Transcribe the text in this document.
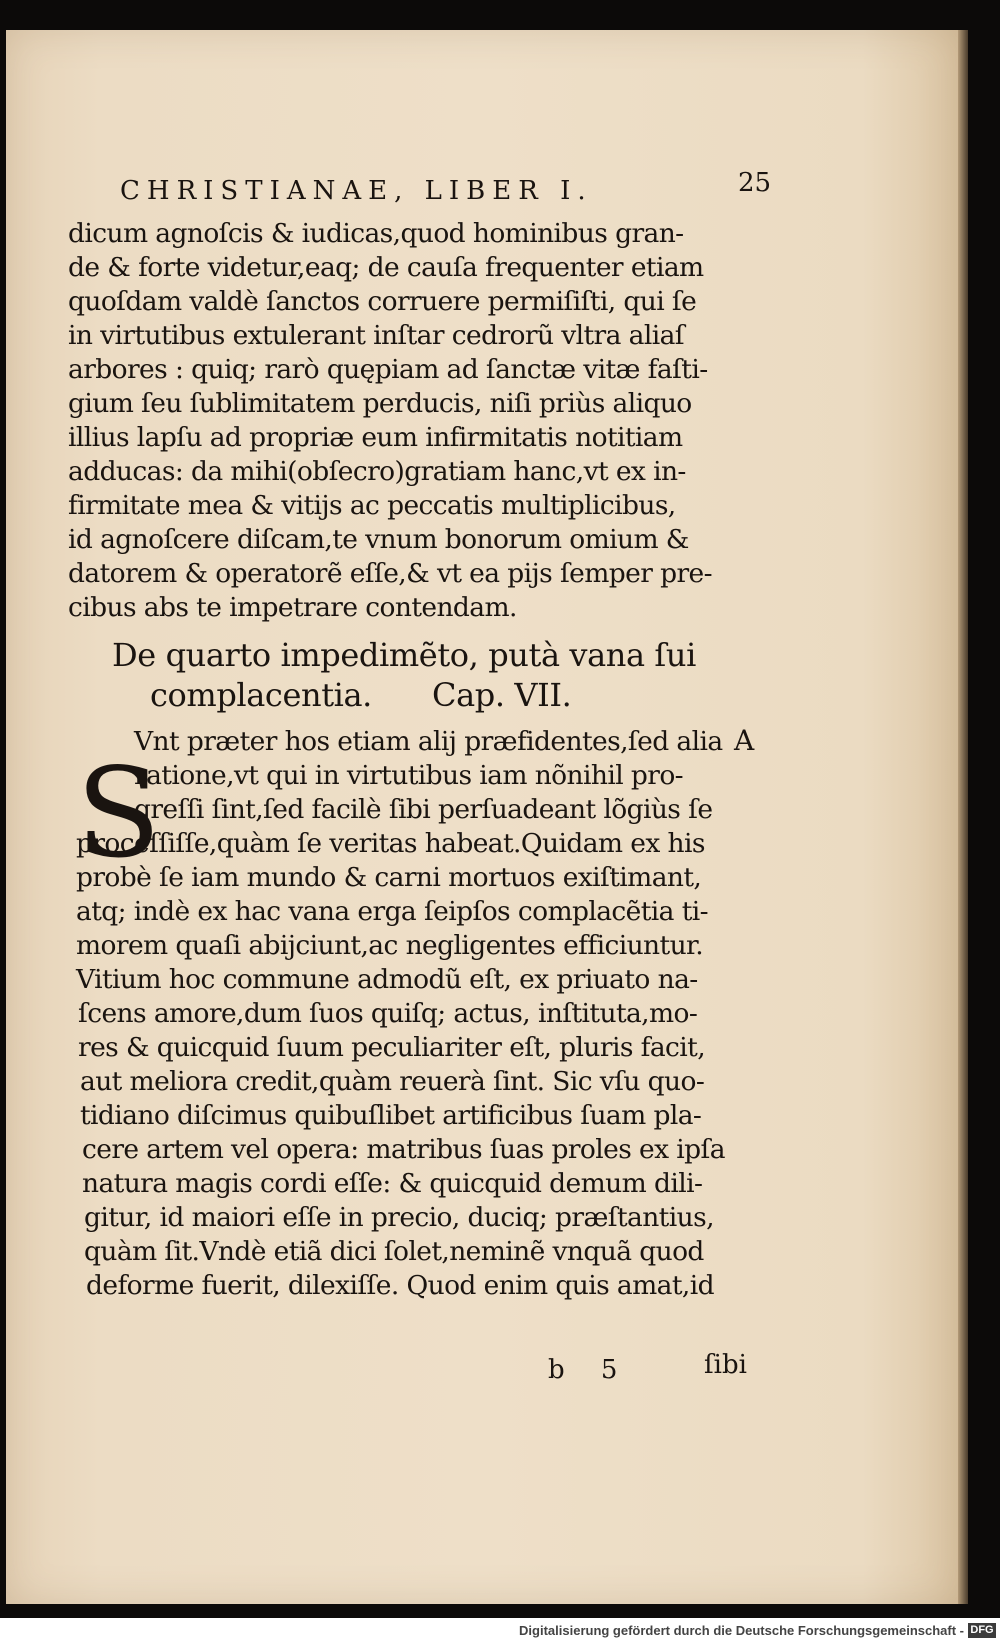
CHRISTIANAE, LIBER I.	25
dicum agnoſcis & iudicas,quod hominibus gran-
de & forte videtur,eaq; de cauſa frequenter etiam
quoſdam valdè ſanctos corruere permiſiſti, qui ſe
in virtutibus extulerant inſtar cedrorũ vltra aliaſ
arbores : quiq; rarò quępiam ad ſanctæ vitæ faſti-
gium ſeu ſublimitatem perducis, niſi priùs aliquo
illius lapſu ad propriæ eum infirmitatis notitiam
adducas: da mihi(obſecro)gratiam hanc,vt ex in-
firmitate mea & vitijs ac peccatis multiplicibus,
id agnoſcere diſcam,te vnum bonorum omium &
datorem & operatorẽ eſſe,& vt ea pijs ſemper pre-
cibus abs te impetrare contendam.
De quarto impedimẽto, putà vana ſui
complacentia. Cap. VII.
Vnt præter hos etiam alij præfidentes,ſed alia
ratione,vt qui in virtutibus iam nõnihil pro-
greſſi ſint,ſed facilè ſibi perſuadeant lõgiùs ſe
proceſſiſſe,quàm ſe veritas habeat.Quidam ex his
probè ſe iam mundo & carni mortuos exiſtimant,
atq; indè ex hac vana erga ſeipſos complacẽtia ti-
morem quaſi abijciunt,ac negligentes efficiuntur.
Vitium hoc commune admodũ eſt, ex priuato na-
ſcens amore,dum ſuos quiſq; actus, inſtituta,mo-
res & quicquid ſuum peculiariter eſt, pluris facit,
aut meliora credit,quàm reuerà ſint. Sic vſu quo-
tidiano diſcimus quibuſlibet artificibus ſuam pla-
cere artem vel opera: matribus ſuas proles ex ipſa
natura magis cordi eſſe: & quicquid demum dili-
gitur, id maiori eſſe in precio, duciq; præſtantius,
quàm ſit.Vndè etiã dici ſolet,neminẽ vnquã quod
deforme fuerit, dilexiſſe. Quod enim quis amat,id
S
A
b 5	ſibi
Digitalisierung gefördert durch die Deutsche Forschungsgemeinschaft - DFG
